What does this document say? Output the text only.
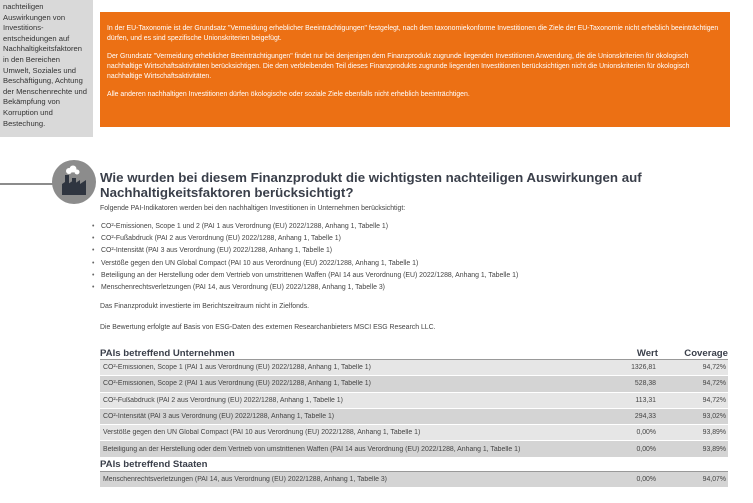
nachteiligen
Auswirkungen von
Investitions-
entscheidungen auf
Nachhaltigkeitsfaktoren
in den Bereichen
Umwelt, Soziales und
Beschäftigung, Achtung
der Menschenrechte und
Bekämpfung von
Korruption und
Bestechung.

In der EU-Taxonomie ist der Grundsatz "Vermeidung erheblicher Beeinträchtigungen" festgelegt, nach dem taxonomiekonforme Investitionen die Ziele der EU-Taxonomie nicht erheblich beeinträchtigen dürfen, und es sind spezifische Unionskriterien beigefügt.

Der Grundsatz "Vermeidung erheblicher Beeinträchtigungen" findet nur bei denjenigen dem Finanzprodukt zugrunde liegenden Investitionen Anwendung, die die Unionskriterien für ökologisch nachhaltige Wirtschaftsaktivitäten berücksichtigen. Die dem verbleibenden Teil dieses Finanzprodukts zugrunde liegenden Investitionen berücksichtigen nicht die Unionskriterien für ökologisch nachhaltige Wirtschaftsaktivitäten.

Alle anderen nachhaltigen Investitionen dürfen ökologische oder soziale Ziele ebenfalls nicht erheblich beeinträchtigen.

Wie wurden bei diesem Finanzprodukt die wichtigsten nachteiligen Auswirkungen auf Nachhaltigkeitsfaktoren berücksichtigt?
Folgende PAI-Indikatoren werden bei den nachhaltigen Investitionen in Unternehmen berücksichtigt:
• CO²-Emissionen, Scope 1 und 2 (PAI 1 aus Verordnung (EU) 2022/1288, Anhang 1, Tabelle 1)
• CO²-Fußabdruck (PAI 2 aus Verordnung (EU) 2022/1288, Anhang 1, Tabelle 1)
• CO²-Intensität (PAI 3 aus Verordnung (EU) 2022/1288, Anhang 1, Tabelle 1)
• Verstöße gegen den UN Global Compact (PAI 10 aus Verordnung (EU) 2022/1288, Anhang 1, Tabelle 1)
• Beteiligung an der Herstellung oder dem Vertrieb von umstrittenen Waffen (PAI 14 aus Verordnung (EU) 2022/1288, Anhang 1, Tabelle 1)
• Menschenrechtsverletzungen (PAI 14, aus Verordnung (EU) 2022/1288, Anhang 1, Tabelle 3)
Das Finanzprodukt investierte im Berichtszeitraum nicht in Zielfonds.
Die Bewertung erfolgte auf Basis von ESG-Daten des externen Researchanbieters MSCI ESG Research LLC.
PAIs betreffend Unternehmen	Wert	Coverage
CO²-Emissionen, Scope 1 (PAI 1 aus Verordnung (EU) 2022/1288, Anhang 1, Tabelle 1)	1326,81	94,72%
CO²-Emissionen, Scope 2 (PAI 1 aus Verordnung (EU) 2022/1288, Anhang 1, Tabelle 1)	528,38	94,72%
CO²-Fußabdruck (PAI 2 aus Verordnung (EU) 2022/1288, Anhang 1, Tabelle 1)	113,31	94,72%
CO²-Intensität (PAI 3 aus Verordnung (EU) 2022/1288, Anhang 1, Tabelle 1)	294,33	93,02%
Verstöße gegen den UN Global Compact (PAI 10 aus Verordnung (EU) 2022/1288, Anhang 1, Tabelle 1)	0,00%	93,89%
Beteiligung an der Herstellung oder dem Vertrieb von umstrittenen Waffen (PAI 14 aus Verordnung (EU) 2022/1288, Anhang 1, Tabelle 1)	0,00%	93,89%
PAIs betreffend Staaten
Menschenrechtsverletzungen (PAI 14, aus Verordnung (EU) 2022/1288, Anhang 1, Tabelle 3)	0,00%	94,07%
